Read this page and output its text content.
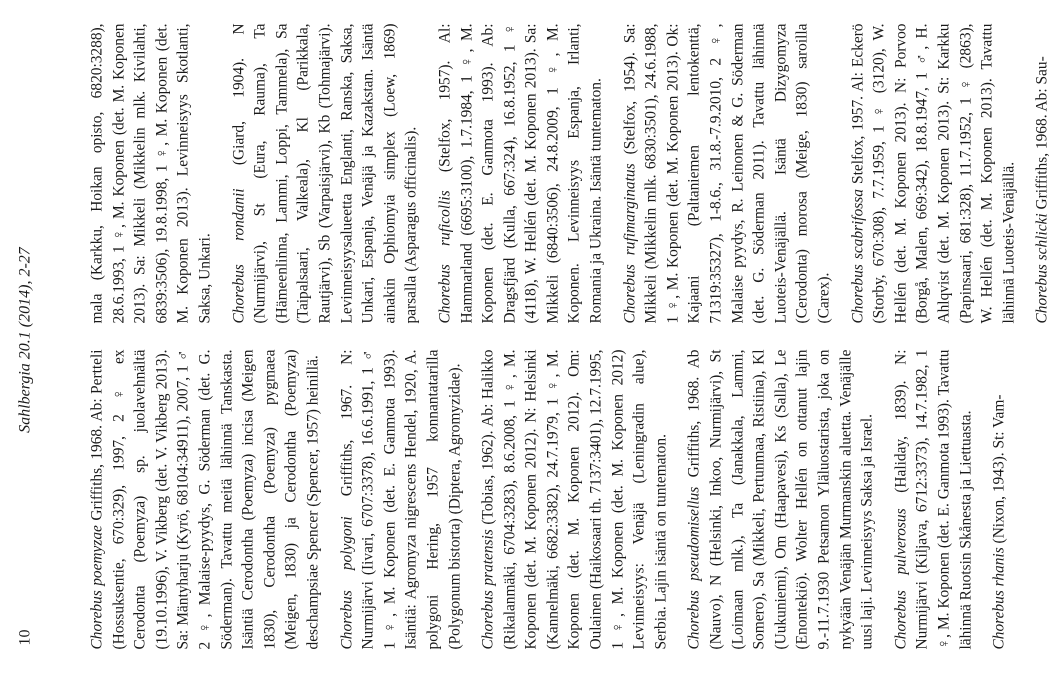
10
Sahlbergia 20.1 (2014), 2-27

Chorebus poemyzae Griffiths, 1968. Ab: Pertteli (Hossuksentie, 670:329), 1997, 2 ♀ ex Cerodonta (Poemyza) sp. juolavehnältä (19.10.1996), V. Vikberg (det. V. Vikberg 2013). Sa: Mäntyharju (Kyrö, 68104:34911), 2007, 1 ♂ 2 ♀, Malaise-pyydys, G. Söderman (det. G. Söderman). Tavattu meitä lähinnä Tanskasta. Isäntiä Cerodontha (Poemyza) incisa (Meigen 1830), Cerodontha (Poemyza) pygmaea (Meigen, 1830) ja Cerodontha (Poemyza) deschampsiae Spencer (Spencer, 1957) heinillä. Chorebus polygoni Griffiths, 1967. N: Nurmijärvi (Iivari, 6707:3378), 16.6.1991, 1 ♂ 1 ♀, M. Koponen (det. E. Ganmota 1993). Isäntiä: Agromyza nigrescens Hendel, 1920, A. polygoni Hering, 1957 konnantatarilla (Polygonum bistorta) (Diptera, Agromyzidae). Chorebus pratensis (Tobias, 1962). Ab: Halikko (Rikalanmäki, 6704:3283), 8.6.2008, 1 ♀, M. Koponen (det. M. Koponen 2012). N: Helsinki (Kannelmäki, 6682:3382), 24.7.1979, 1 ♀, M. Koponen (det. M. Koponen 2012). Om: Oulainen (Haikosaari th. 7137:3401), 12.7.1995, 1 ♀, M. Koponen (det. M. Koponen 2012) Levinneisyys: Venäjä (Leningradin alue), Serbia. Lajin isäntä on tuntematon. Chorebus pseudomisellus Griffiths, 1968. Ab (Nauvo), N (Helsinki, Inkoo, Nurmijärvi), St (Loimaan mlk.), Ta (Janakkala, Lammi, Somero), Sa (Mikkeli, Pertunmaa, Ristiina), Kl (Uukuniemi), Om (Haapavesi), Ks (Salla), Le (Enontekiö). Wolter Hellén on ottanut lajin 9.-11.7.1930 Petsamon Yläluostarista, joka on nykyään Venäjän Murmanskin aluetta. Venäjälle uusi laji. Levinneisyys Saksa ja Israel. Chorebus pulverosus (Haliday, 1839). N: Nurmijärvi (Kiljava, 6712:3373), 14.7.1982, 1 ♀, M. Koponen (det. E. Ganmota 1993). Tavattu lähinnä Ruotsin Skånesta ja Liettuasta. Chorebus rhanis (Nixon, 1943). St: Vam-

mala (Karkku, Hoikan opisto, 6820:3288), 28.6.1993, 1 ♀, M. Koponen (det. M. Koponen 2013). Sa: Mikkeli (Mikkelin mlk. Kivilahti, 6839:3506), 19.8.1998, 1 ♀, M. Koponen (det. M. Koponen 2013). Levinneisyys Skotlanti, Saksa, Unkari. Chorebus rondanii (Giard, 1904). N (Nurmijärvi), St (Eura, Rauma), Ta (Hämeenlinna, Lammi, Loppi, Tammela), Sa (Taipalsaari, Valkeala), Kl (Parikkala, Rautjärvi), Sb (Varpaisjärvi), Kb (Tohmajärvi). Levinneisyysalueetta Englanti, Ranska, Saksa, Unkari, Espanja, Venäjä ja Kazakstan. Isäntä ainakin Ophiomyia simplex (Loew, 1869) parsalla (Asparagus officinalis). Chorebus ruficollis (Stelfox, 1957). Al: Hammarland (6695:3100), 1.7.1984, 1 ♀, M. Koponen (det. E. Ganmota 1993). Ab: Dragsfjärd (Kulla, 667:324), 16.8.1952, 1 ♀ (4118), W. Hellén (det. M. Koponen 2013). Sa: Mikkeli (6840:3506), 24.8.2009, 1 ♀, M. Koponen. Levinneisyys Espanja, Irlanti, Romania ja Ukraina. Isäntä tuntematon. Chorebus rufimarginatus (Stelfox, 1954). Sa: Mikkeli (Mikkelin mlk. 6830:3501), 24.6.1988, 1 ♀, M. Koponen (det. M. Koponen 2013). Ok: Kajaani (Paltaniemen lentokenttä, 71319:35327), 1-8.6., 31.8.-7.9.2010, 2 ♀, Malaise pyydys, R. Leinonen & G. Söderman (det. G. Söderman 2011). Tavattu lähinnä Luoteis-Venäjällä. Isäntä Dizygomyza (Cerodonta) morosa (Meige, 1830) saroilla (Carex). Chorebus scabrifossa Stelfox, 1957. Al: Eckerö (Storby, 670:308), 7.7.1959, 1 ♀ (3120), W. Hellén (det. M. Koponen 2013). N: Porvoo (Borgå, Malen, 669:342), 18.8.1947, 1 ♂, H. Ahlqvist (det. M. Koponen 2013). St: Karkku (Papinsaari, 681:328), 11.7.1952, 1 ♀ (2863), W. Hellén (det. M. Koponen 2013). Tavattu lähinnä Luoteis-Venäjällä. Chorebus schlicki Griffiths, 1968. Ab: Sau-
